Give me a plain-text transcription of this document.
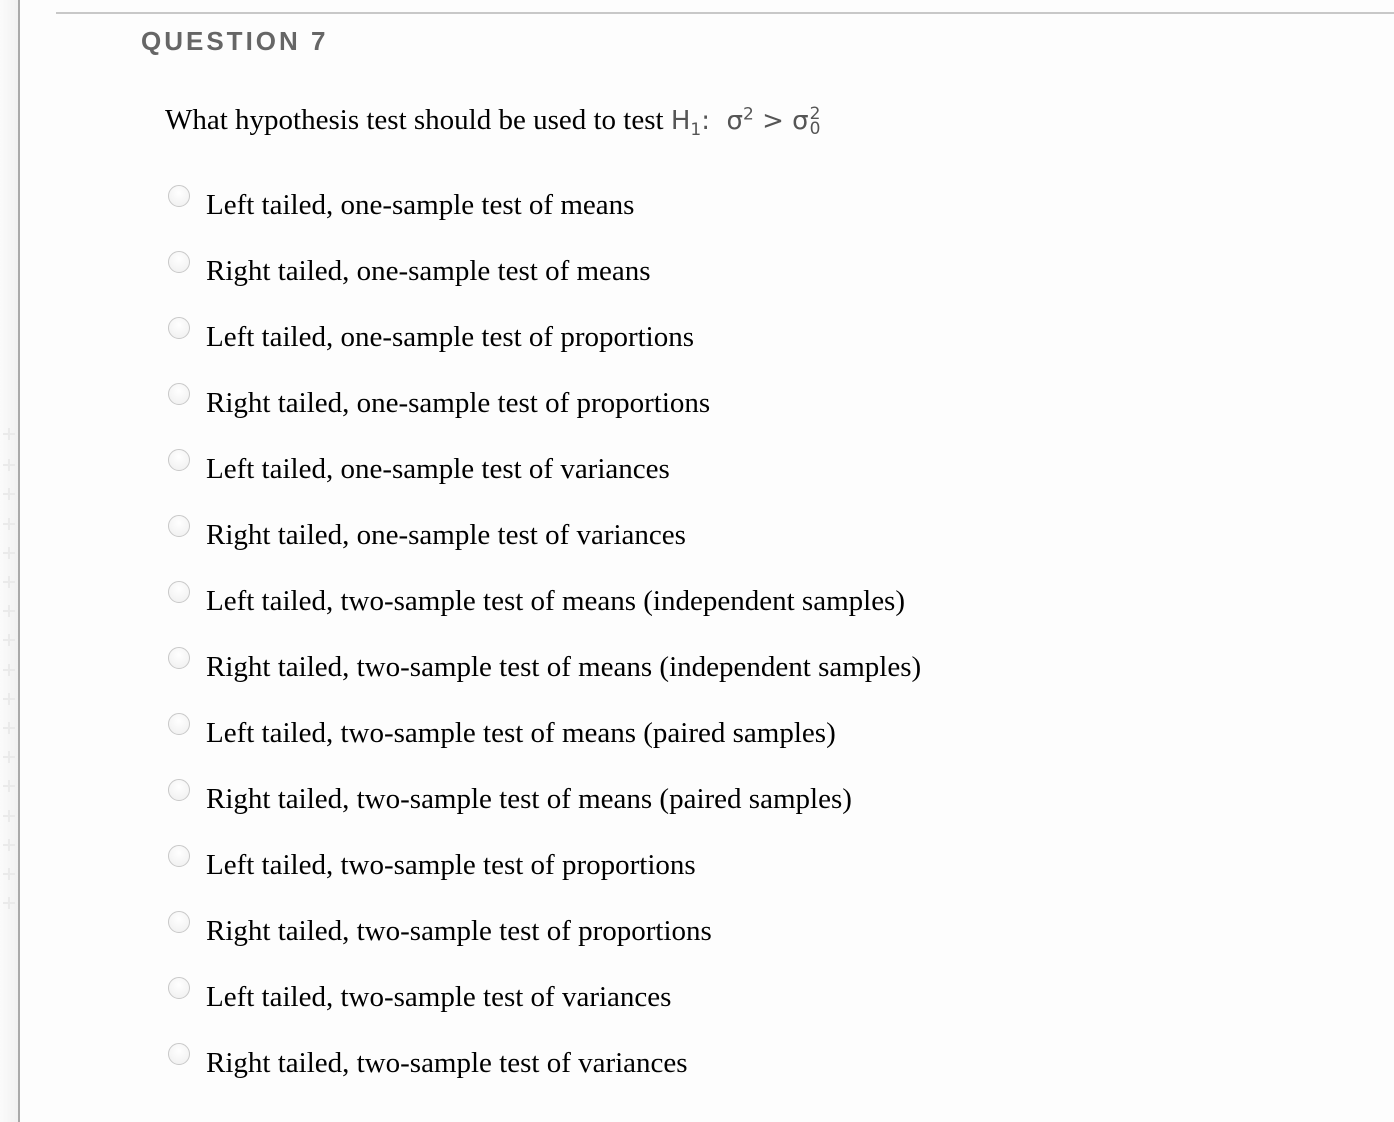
QUESTION 7
What hypothesis test should be used to test $H_1$: $\sigma^2 > \sigma$ 2
0
Left tailed, one-sample test of means
Right tailed, one-sample test of means
Left tailed, one-sample test of proportions
Right tailed, one-sample test of proportions
Left tailed, one-sample test of variances
Right tailed, one-sample test of variances
Left tailed, two-sample test of means (independent samples)
Right tailed, two-sample test of means (independent samples)
Left tailed, two-sample test of means (paired samples)
Right tailed, two-sample test of means (paired samples)
Left tailed, two-sample test of proportions
Right tailed, two-sample test of proportions
Left tailed, two-sample test of variances
Right tailed, two-sample test of variances
